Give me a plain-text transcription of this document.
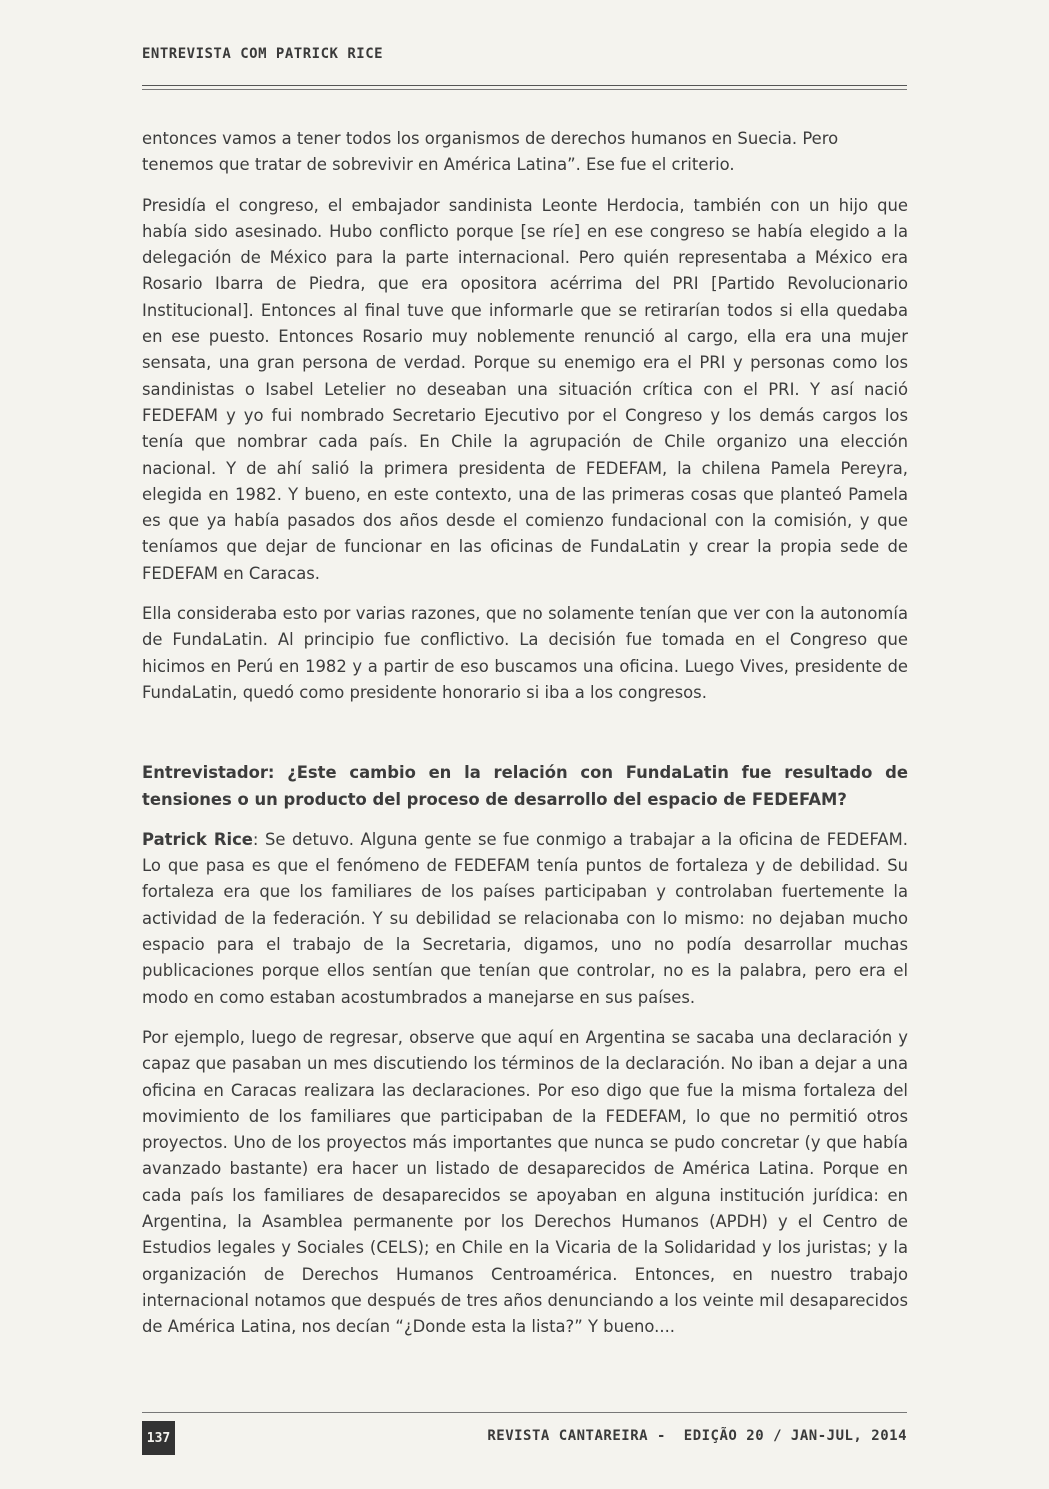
ENTREVISTA COM PATRICK RICE

entonces vamos a tener todos los organismos de derechos humanos en Suecia. Pero tenemos que tratar de sobrevivir en América Latina”. Ese fue el criterio.

Presidía el congreso, el embajador sandinista Leonte Herdocia, también con un hijo que había sido asesinado. Hubo conflicto porque [se ríe] en ese congreso se había elegido a la delegación de México para la parte internacional. Pero quién representaba a México era Rosario Ibarra de Piedra, que era opositora acérrima del PRI [Partido Revolucionario Institucional]. Entonces al final tuve que informarle que se retirarían todos si ella quedaba en ese puesto. Entonces Rosario muy noblemente renunció al cargo, ella era una mujer sensata, una gran persona de verdad. Porque su enemigo era el PRI y personas como los sandinistas o Isabel Letelier no deseaban una situación crítica con el PRI. Y así nació FEDEFAM y yo fui nombrado Secretario Ejecutivo por el Congreso y los demás cargos los tenía que nombrar cada país. En Chile la agrupación de Chile organizo una elección nacional. Y de ahí salió la primera presidenta de FEDEFAM, la chilena Pamela Pereyra, elegida en 1982. Y bueno, en este contexto, una de las primeras cosas que planteó Pamela es que ya había pasados dos años desde el comienzo fundacional con la comisión, y que teníamos que dejar de funcionar en las oficinas de FundaLatin y crear la propia sede de FEDEFAM en Caracas.

Ella consideraba esto por varias razones, que no solamente tenían que ver con la autonomía de FundaLatin. Al principio fue conflictivo. La decisión fue tomada en el Congreso que hicimos en Perú en 1982 y a partir de eso buscamos una oficina. Luego Vives, presidente de FundaLatin, quedó como presidente honorario si iba a los congresos.

Entrevistador: ¿Este cambio en la relación con FundaLatin fue resultado de tensiones o un producto del proceso de desarrollo del espacio de FEDEFAM?

Patrick Rice: Se detuvo. Alguna gente se fue conmigo a trabajar a la oficina de FEDEFAM. Lo que pasa es que el fenómeno de FEDEFAM tenía puntos de fortaleza y de debilidad. Su fortaleza era que los familiares de los países participaban y controlaban fuertemente la actividad de la federación. Y su debilidad se relacionaba con lo mismo: no dejaban mucho espacio para el trabajo de la Secretaria, digamos, uno no podía desarrollar muchas publicaciones porque ellos sentían que tenían que controlar, no es la palabra, pero era el modo en como estaban acostumbrados a manejarse en sus países.

Por ejemplo, luego de regresar, observe que aquí en Argentina se sacaba una declaración y capaz que pasaban un mes discutiendo los términos de la declaración. No iban a dejar a una oficina en Caracas realizara las declaraciones. Por eso digo que fue la misma fortaleza del movimiento de los familiares que participaban de la FEDEFAM, lo que no permitió otros proyectos. Uno de los proyectos más importantes que nunca se pudo concretar (y que había avanzado bastante) era hacer un listado de desaparecidos de América Latina. Porque en cada país los familiares de desaparecidos se apoyaban en alguna institución jurídica: en Argentina, la Asamblea permanente por los Derechos Humanos (APDH) y el Centro de Estudios legales y Sociales (CELS); en Chile en la Vicaria de la Solidaridad y los juristas; y la organización de Derechos Humanos Centroamérica. Entonces, en nuestro trabajo internacional notamos que después de tres años denunciando a los veinte mil desaparecidos de América Latina, nos decían “¿Donde esta la lista?” Y bueno....

137	REVISTA CANTAREIRA -  EDIÇÃO 20 / JAN-JUL, 2014
